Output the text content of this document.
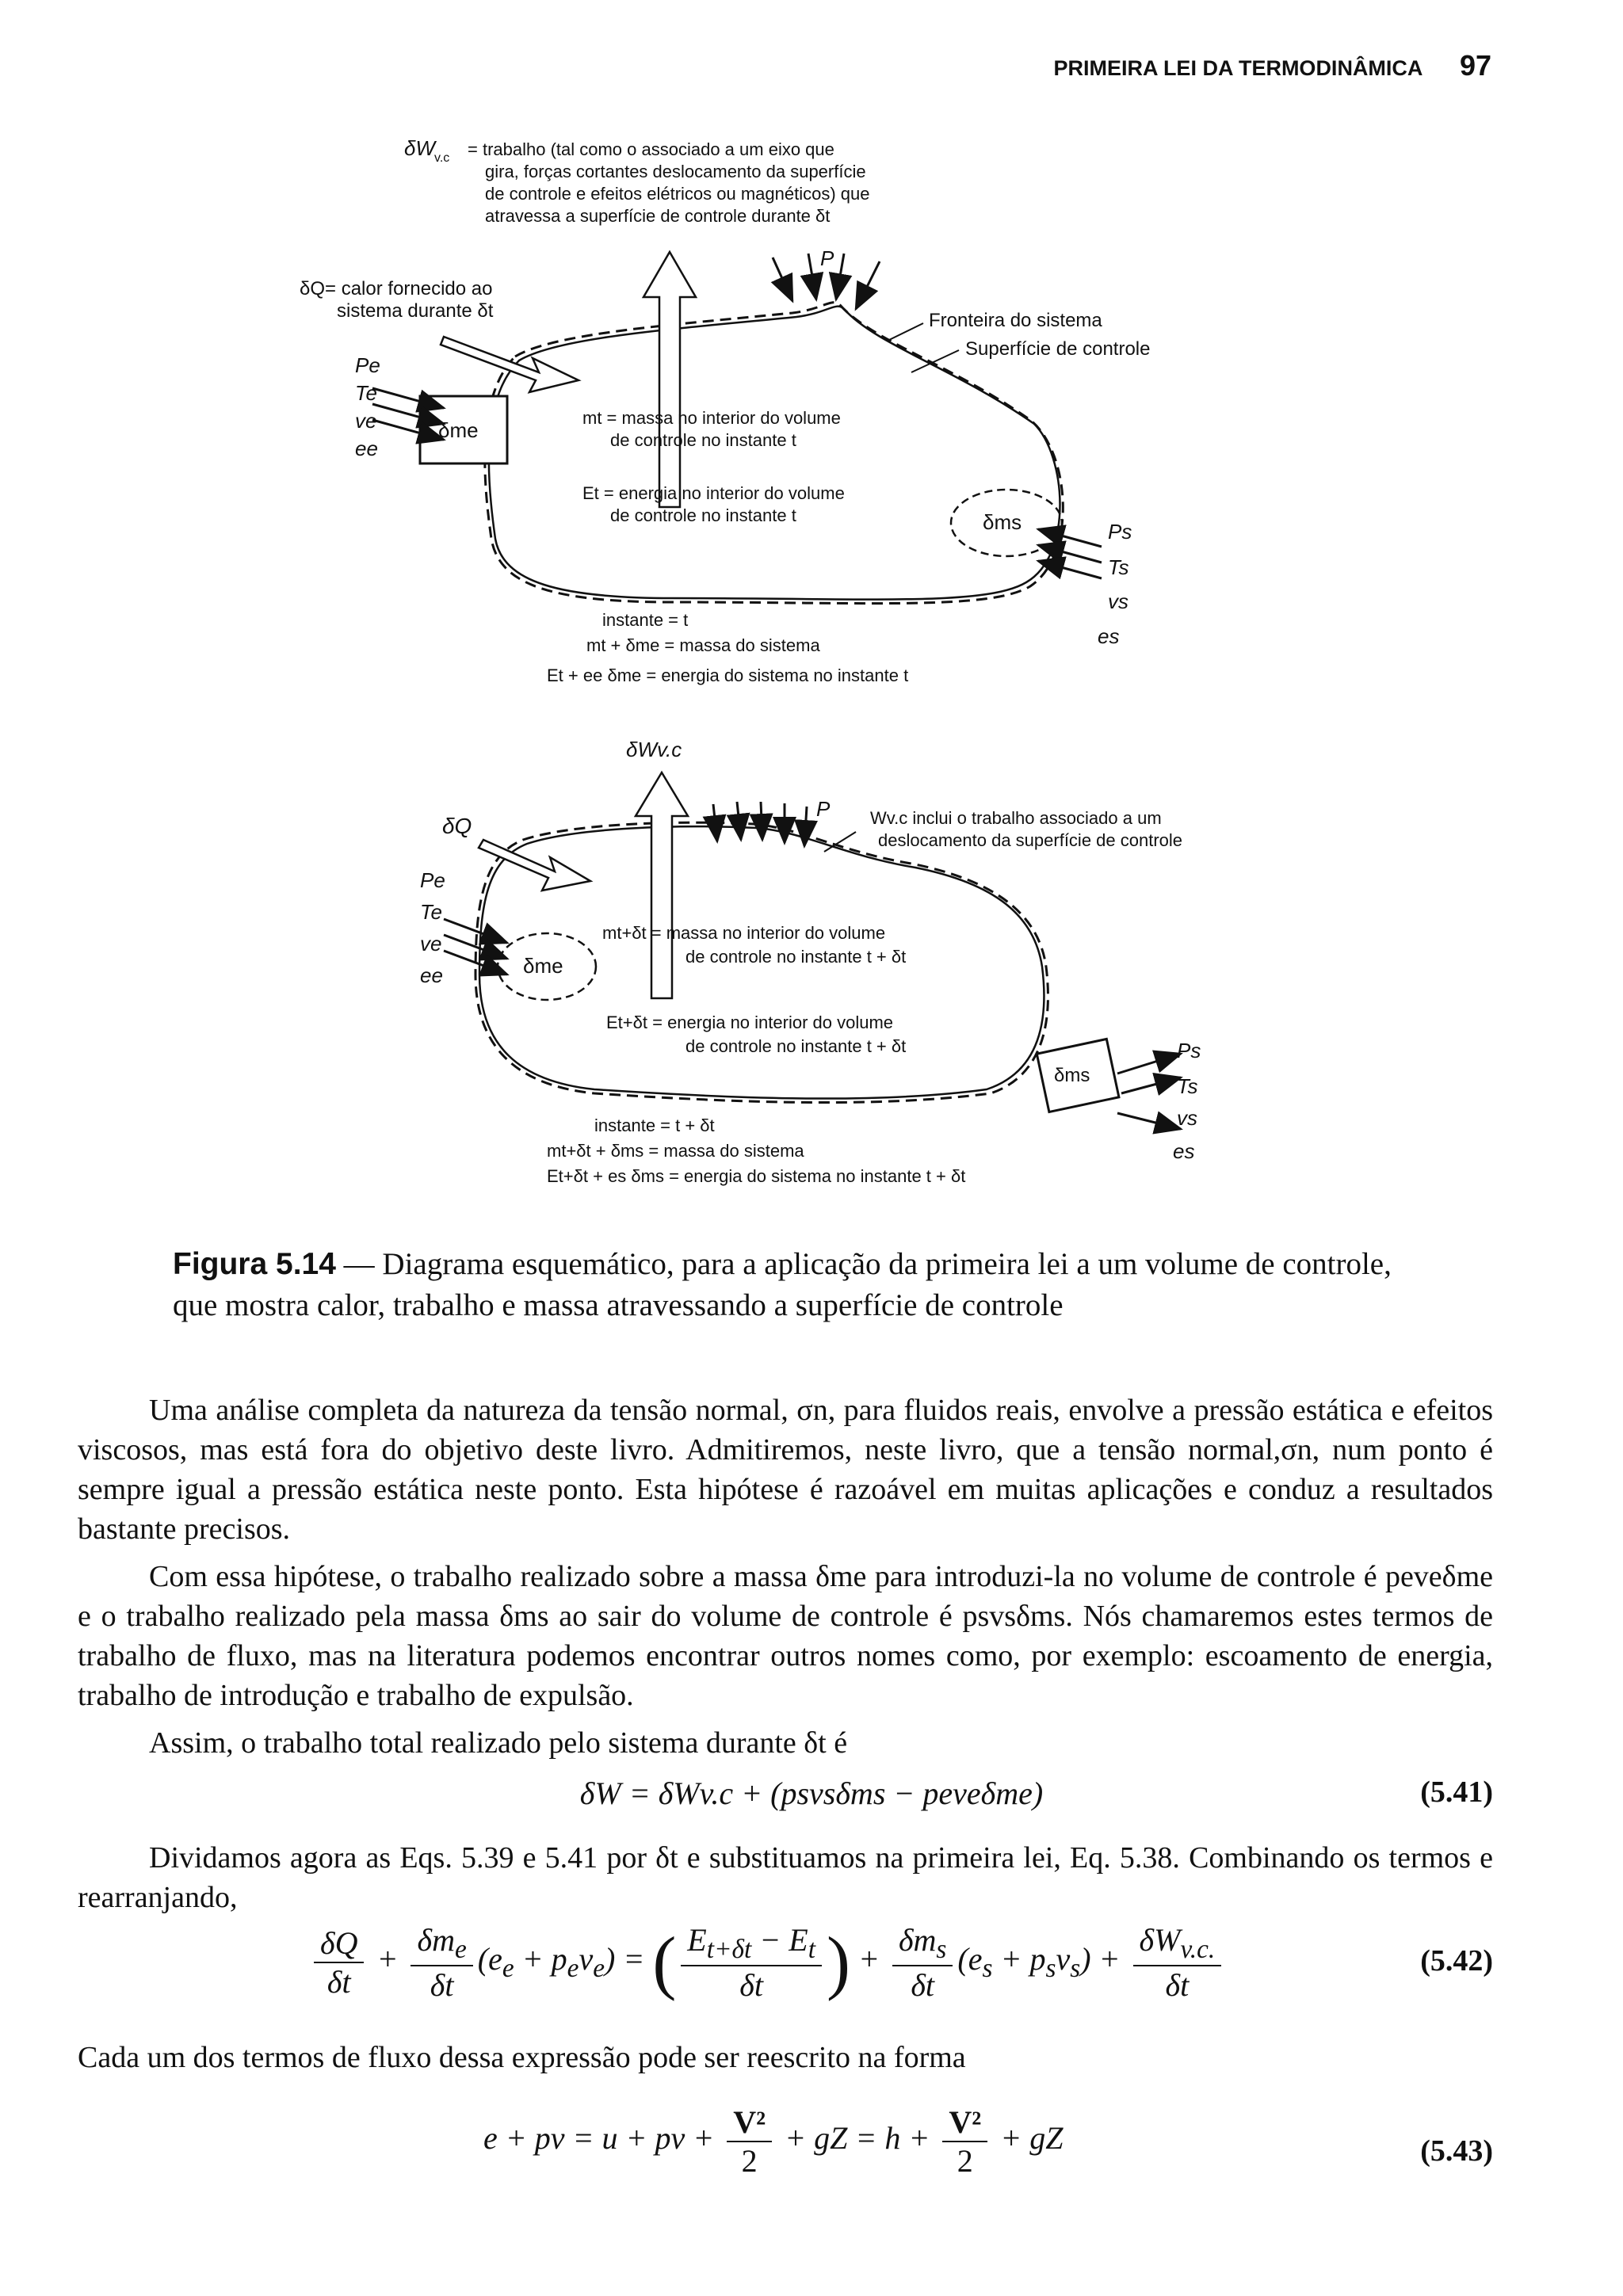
PRIMEIRA LEI DA TERMODINÂMICA 97
δme
Pe
Te
ve
ee
δQ= calor fornecido ao
sistema durante δt
δW v.c = trabalho (tal como o associado a um eixo que
gira, forças cortantes deslocamento da superfície
de controle e efeitos elétricos ou magnéticos) que
atravessa a superfície de controle durante δt
P
Fronteira do sistema
Superfície de controle
mt = massa no interior do volume
de controle no instante t
Et = energia no interior do volume
de controle no instante t	δms	Ps
Ts
vs
es
instante = t
mt + δme = massa do sistema
Et + ee δme = energia do sistema no instante t
δme
Pe
Te
ve
ee
δQ
δWv.c
P Wv.c inclui o trabalho associado a um
deslocamento da superfície de controle
mt+δt = massa no interior do volume
de controle no instante t + δt
Et+δt = energia no interior do volume
de controle no instante t + δt
δms
Ps
Ts
vs
es
instante = t + δt
mt+δt + δms = massa do sistema
Et+δt + es δms = energia do sistema no instante t + δt
Figura 5.14 — Diagrama esquemático, para a aplicação da primeira lei a um volume de controle, que mostra calor, trabalho e massa atravessando a superfície de controle
Uma análise completa da natureza da tensão normal, σn, para fluidos reais, envolve a pressão estática e efeitos viscosos, mas está fora do objetivo deste livro. Admitiremos, neste livro, que a tensão normal,σn, num ponto é sempre igual a pressão estática neste ponto. Esta hipótese é razoável em muitas aplicações e conduz a resultados bastante precisos.
Com essa hipótese, o trabalho realizado sobre a massa δme para introduzi-la no volume de controle é peveδme e o trabalho realizado pela massa δms ao sair do volume de controle é psvsδms. Nós chamaremos estes termos de trabalho de fluxo, mas na literatura podemos encontrar outros nomes como, por exemplo: escoamento de energia, trabalho de introdução e trabalho de expulsão.
Assim, o trabalho total realizado pelo sistema durante δt é
δW = δWv.c + (psvsδms − peveδme)	(5.41)
Dividamos agora as Eqs. 5.39 e 5.41 por δt e substituamos na primeira lei, Eq. 5.38. Combinando os termos e rearranjando,
$\frac{\delta Q}{\delta t} + \frac{\delta m_e}{\delta t} (e_e + p_ev_e)$ = ( $\frac{E_{t+\delta t} - E_t}{\delta t}$ ) + $\frac{\delta m_s}{\delta t} (e_s + p_sv_s) + \frac{\delta W_{v.c.}}{\delta t}$	(5.42)
Cada um dos termos de fluxo dessa expressão pode ser reescrito na forma
e + pv = u + pv + $\frac{\text{V²}}{2}$ + gZ = $h + \frac{\text{V²}}{2}$ + gZ	(5.43)
